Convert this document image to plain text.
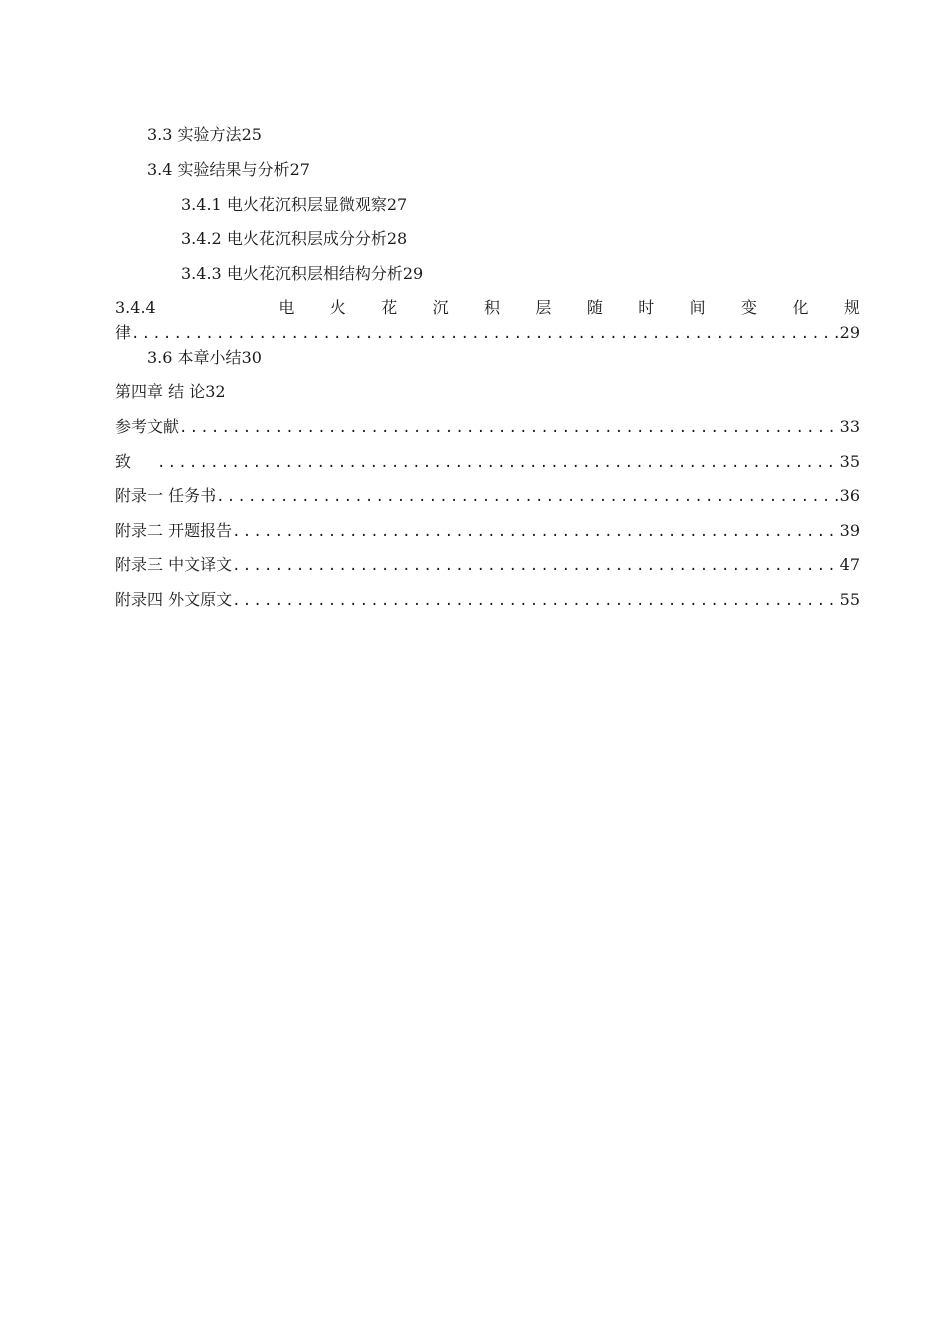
3.3 实验方法25
3.4 实验结果与分析27
3.4.1 电火花沉积层显微观察27
3.4.2 电火花沉积层成分分析28
3.4.3 电火花沉积层相结构分析29
3.4.4	电 火 花 沉 积 层 随 时 间 变 化 规
律 .....	29
3.6 本章小结30
第四章 结 论32
参考文献 .....	33
致 .....	35
附录一 任务书 .....	36
附录二 开题报告 .....	39
附录三 中文译文 .....	47
附录四 外文原文 .....	55
